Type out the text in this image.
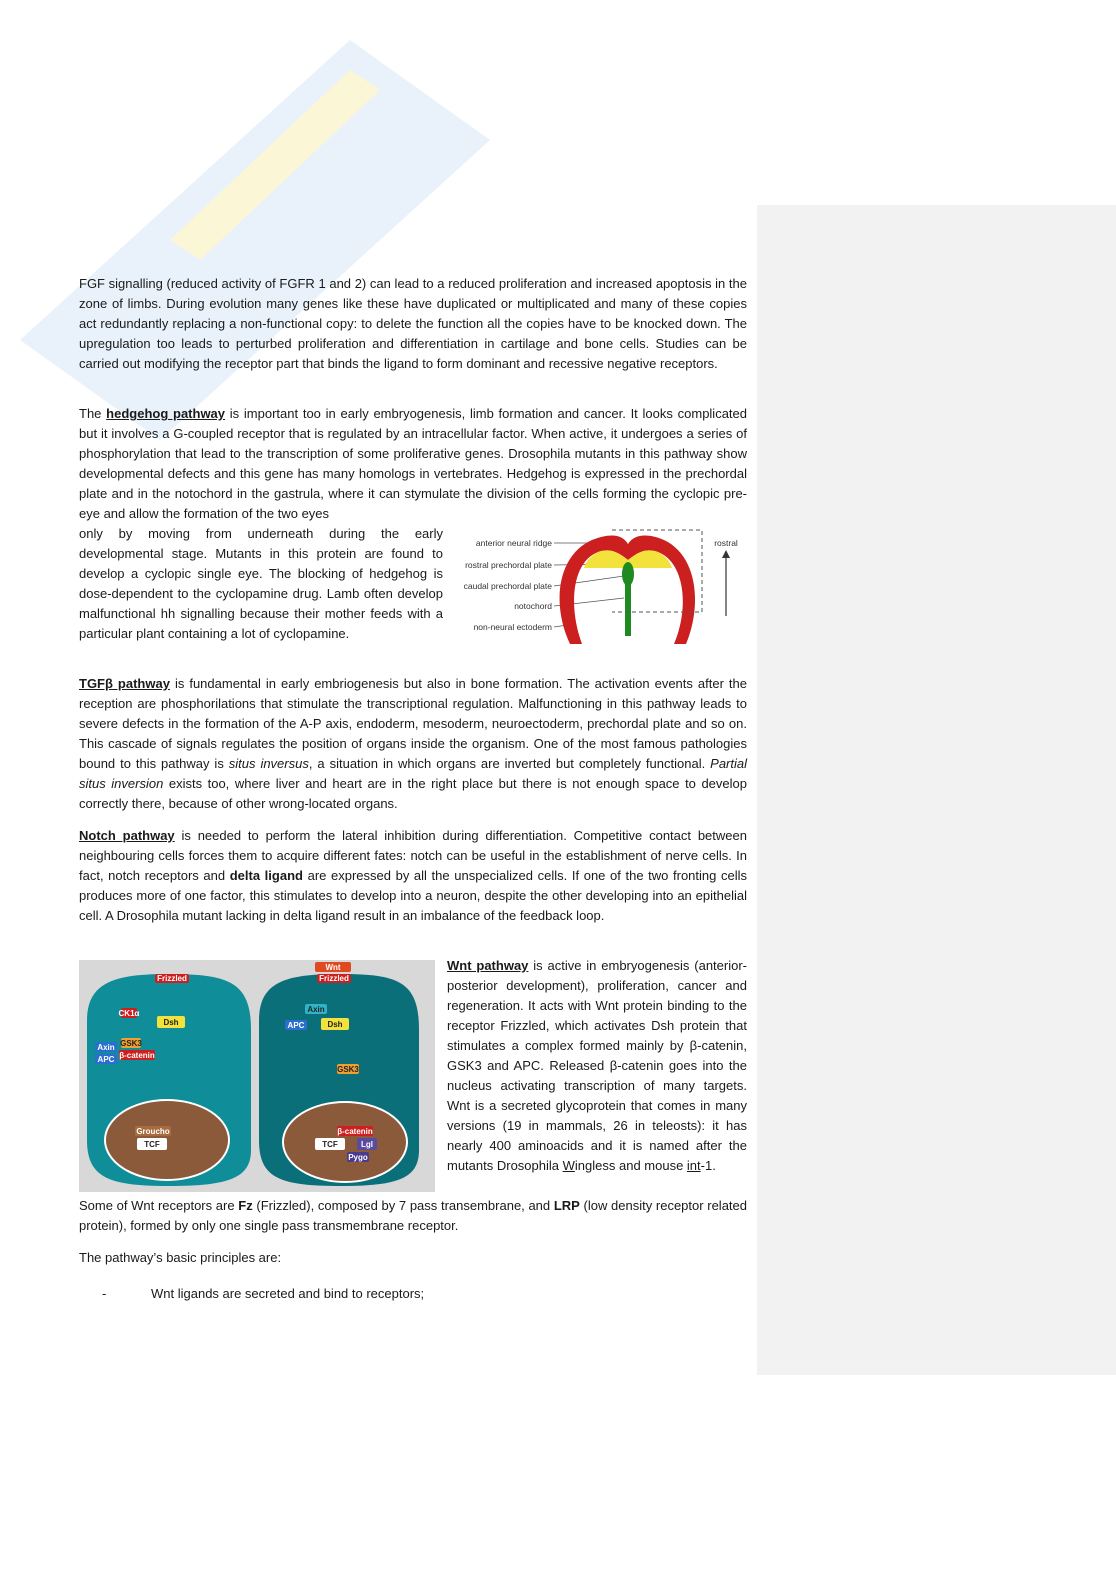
FGF signalling (reduced activity of FGFR 1 and 2) can lead to a reduced proliferation and increased apoptosis in the zone of limbs. During evolution many genes like these have duplicated or multiplicated and many of these copies act redundantly replacing a non-functional copy: to delete the function all the copies have to be knocked down. The upregulation too leads to perturbed proliferation and differentiation in cartilage and bone cells. Studies can be carried out modifying the receptor part that binds the ligand to form dominant and recessive negative receptors.

The hedgehog pathway is important too in early embryogenesis, limb formation and cancer. It looks complicated but it involves a G-coupled receptor that is regulated by an intracellular factor. When active, it undergoes a series of phosphorylation that lead to the transcription of some proliferative genes. Drosophila mutants in this pathway show developmental defects and this gene has many homologs in vertebrates. Hedgehog is expressed in the prechordal plate and in the notochord in the gastrula, where it can stymulate the division of the cells forming the cyclopic pre-eye and allow the formation of the two eyes

only by moving from underneath during the early developmental stage. Mutants in this protein are found to develop a cyclopic single eye. The blocking of hedgehog is dose-dependent to the cyclopamine drug. Lamb often develop malfunctional hh signalling because their mother feeds with a particular plant containing a lot of cyclopamine.

anterior neural ridge
rostral prechordal plate
caudal prechordal plate
notochord
non-neural ectoderm
rostral

TGFβ pathway is fundamental in early embriogenesis but also in bone formation. The activation events after the reception are phosphorilations that stimulate the transcriptional regulation. Malfunctioning in this pathway leads to severe defects in the formation of the A-P axis, endoderm, mesoderm, neuroectoderm, prechordal plate and so on. This cascade of signals regulates the position of organs inside the organism. One of the most famous pathologies bound to this pathway is situs inversus, a situation in which organs are inverted but completely functional. Partial situs inversion exists too, where liver and heart are in the right place but there is not enough space to develop correctly there, because of other wrong-located organs.

Notch pathway is needed to perform the lateral inhibition during differentiation. Competitive contact between neighbouring cells forces them to acquire different fates: notch can be useful in the establishment of nerve cells. In fact, notch receptors and delta ligand are expressed by all the unspecialized cells. If one of the two fronting cells produces more of one factor, this stimulates to develop into a neuron, despite the other developing into an epithelial cell. A Drosophila mutant lacking in delta ligand result in an imbalance of the feedback loop.

Frizzled
CK1α
Dsh
Axin
APC
GSK3
β-catenin
Groucho
TCF
Wnt
Frizzled
Axin
APC	Dsh
GSK3
β-catenin
TCF	Lgl
Pygo

Wnt pathway is active in embryogenesis (anterior-posterior development), proliferation, cancer and regeneration. It acts with Wnt protein binding to the receptor Frizzled, which activates Dsh protein that stimulates a complex formed mainly by β-catenin, GSK3 and APC. Released β-catenin goes into the nucleus activating transcription of many targets. Wnt is a secreted glycoprotein that comes in many versions (19 in mammals, 26 in teleosts): it has nearly 400 aminoacids and it is named after the mutants Drosophila Wingless and mouse int-1.

Some of Wnt receptors are Fz (Frizzled), composed by 7 pass transembrane, and LRP (low density receptor related protein), formed by only one single pass transmembrane receptor.

The pathway’s basic principles are:

-	Wnt ligands are secreted and bind to receptors;
